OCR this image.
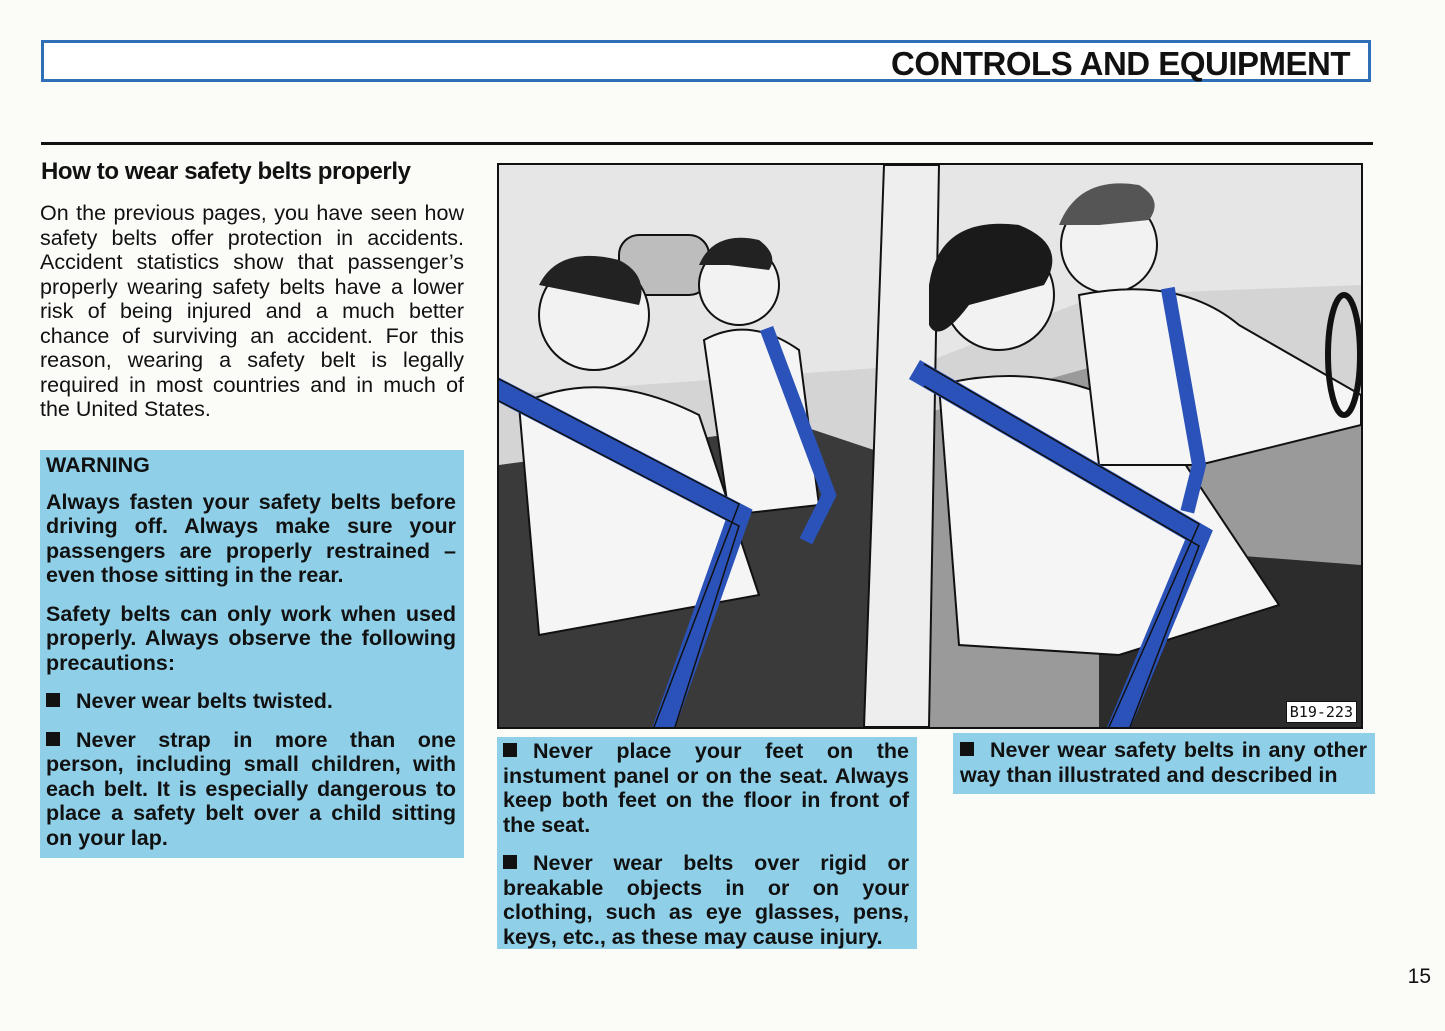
CONTROLS AND EQUIPMENT
How to wear safety belts properly

On the previous pages, you have seen how safety belts offer protection in accidents. Accident statistics show that passenger’s properly wearing safety belts have a lower risk of being injured and a much better chance of surviving an accident. For this reason, wearing a safety belt is legally required in most countries and in much of the United States.

WARNING

Always fasten your safety belts before driving off. Always make sure your passengers are properly restrained – even those sitting in the rear.

Safety belts can only work when used properly. Always observe the following precautions:

Never wear belts twisted.

Never strap in more than one person, including small children, with each belt. It is especially dangerous to place a safety belt over a child sitting on your lap.

B19-223

Never place your feet on the instument panel or on the seat. Always keep both feet on the floor in front of the seat.

Never wear belts over rigid or breakable objects in or on your clothing, such as eye glasses, pens, keys, etc., as these may cause injury.

Never wear safety belts in any other way than illustrated and described in

15
